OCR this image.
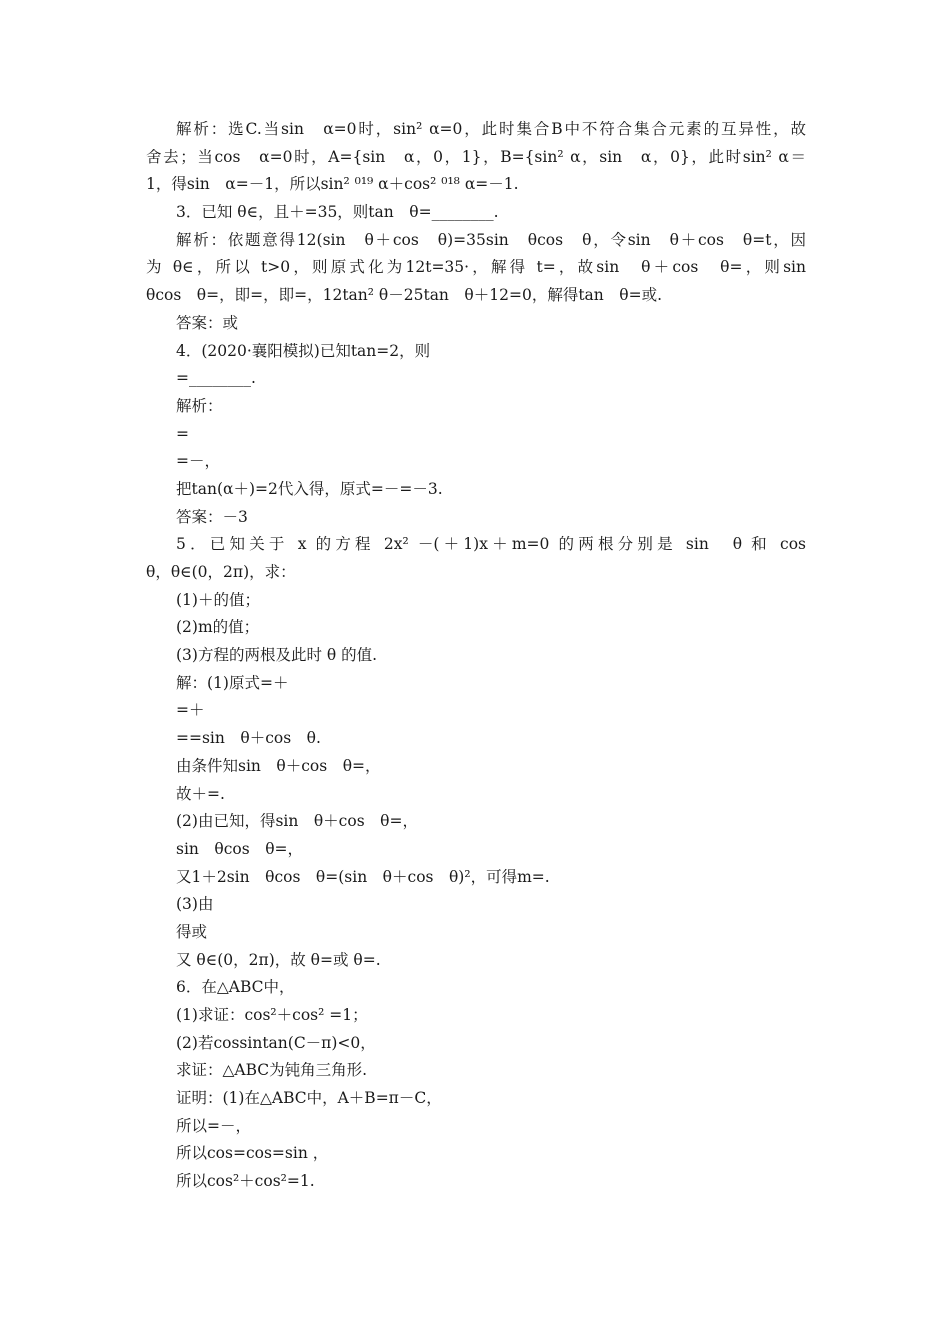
解析：选C.当sin　α=0时，sin² α=0，此时集合B中不符合集合元素的互异性，故
舍去；当cos　α=0时，A={sin　α，0，1}，B={sin² α，sin　α，0}，此时sin² α＝
1，得sin　α=－1，所以sin² ⁰¹⁹ α＋cos² ⁰¹⁸ α=－1.
3．已知 θ∈，且＋=35，则tan　θ=________.
解析：依题意得12(sin　θ＋cos　θ)=35sin　θcos　θ，令sin　θ＋cos　θ=t，因
为 θ∈，所以 t>0，则原式化为12t=35·，解得 t=，故sin　θ＋cos　θ=，则sin
θcos　θ=，即=，即=，12tan² θ－25tan　θ＋12=0，解得tan　θ=或.
答案：或
4．(2020·襄阳模拟)已知tan=2，则
=________.
解析：
=
=－，
把tan(α＋)=2代入得，原式=－=－3.
答案：－3
5．已知关于 x 的方程 2x² －(＋1)x＋m=0 的两根分别是 sin　θ 和 cos
θ，θ∈(0，2π)，求：
(1)＋的值；
(2)m的值；
(3)方程的两根及此时 θ 的值.
解：(1)原式=＋
=＋
==sin　θ＋cos　θ.
由条件知sin　θ＋cos　θ=，
故＋=.
(2)由已知，得sin　θ＋cos　θ=，
sin　θcos　θ=，
又1＋2sin　θcos　θ=(sin　θ＋cos　θ)²，可得m=.
(3)由
得或
又 θ∈(0，2π)，故 θ=或 θ=.
6．在△ABC中，
(1)求证：cos²＋cos² =1；
(2)若cossintan(C－π)<0，
求证：△ABC为钝角三角形.
证明：(1)在△ABC中，A＋B=π－C，
所以=－，
所以cos=cos=sin ，
所以cos²＋cos²=1.
